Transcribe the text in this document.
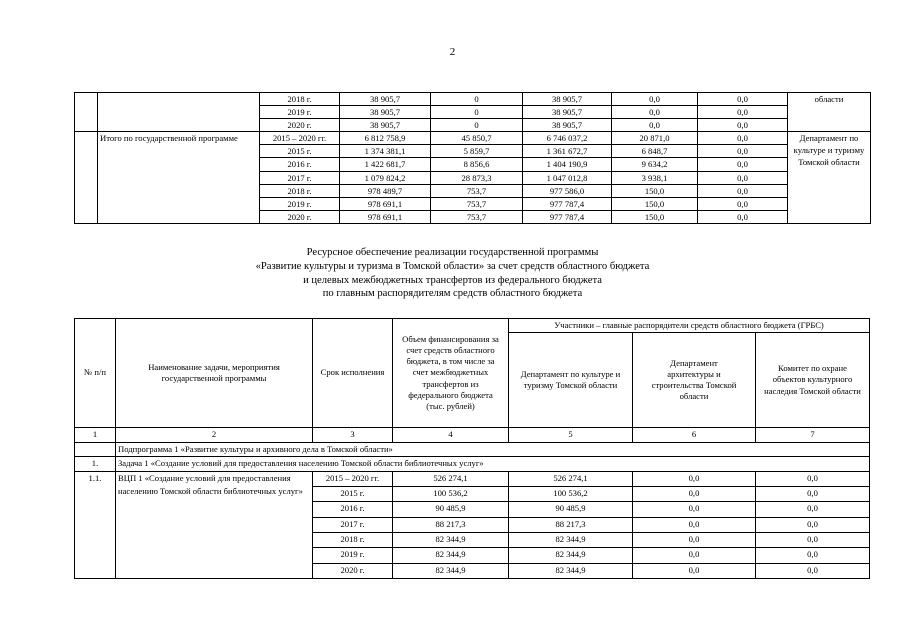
2
		2018 г.	38 905,7	0	38 905,7	0,0	0,0	области
		2019 г.	38 905,7	0	38 905,7	0,0	0,0	
		2020 г.	38 905,7	0	38 905,7	0,0	0,0	
	Итого по государственной программе	2015 – 2020 гг.	6 812 758,9	45 850,7	6 746 037,2	20 871,0	0,0	Департамент по культуре и туризму Томской области
		2015 г.	1 374 381,1	5 859,7	1 361 672,7	6 848,7	0,0	
		2016 г.	1 422 681,7	8 856,6	1 404 190,9	9 634,2	0,0	
		2017 г.	1 079 824,2	28 873,3	1 047 012,8	3 938,1	0,0	
		2018 г.	978 489,7	753,7	977 586,0	150,0	0,0	
		2019 г.	978 691,1	753,7	977 787,4	150,0	0,0	
		2020 г.	978 691,1	753,7	977 787,4	150,0	0,0	
Ресурсное обеспечение реализации государственной программы
«Развитие культуры и туризма в Томской области» за счет средств областного бюджета
и целевых межбюджетных трансфертов из федерального бюджета
по главным распорядителям средств областного бюджета
№ п/п	Наименование задачи, мероприятия государственной программы	Срок исполнения	Объем финансирования за счет средств областного бюджета, в том числе за счет межбюджетных трансфертов из федерального бюджета (тыс. рублей)	Участники – главные распорядители средств областного бюджета (ГРБС)		
				Департамент по культуре и туризму Томской области	Департамент архитектуры и строительства Томской области	Комитет по охране объектов культурного наследия Томской области
1	2	3	4	5	6	7
	Подпрограмма 1 «Развитие культуры и архивного дела в Томской области»					
1.	Задача 1 «Создание условий для предоставления населению Томской области библиотечных услуг»					
1.1.	ВЦП 1 «Создание условий для предоставления населению Томской области библиотечных услуг»	2015 – 2020 гг.	526 274,1	526 274,1	0,0	0,0
		2015 г.	100 536,2	100 536,2	0,0	0,0
		2016 г.	90 485,9	90 485,9	0,0	0,0
		2017 г.	88 217,3	88 217,3	0,0	0,0
		2018 г.	82 344,9	82 344,9	0,0	0,0
		2019 г.	82 344,9	82 344,9	0,0	0,0
		2020 г.	82 344,9	82 344,9	0,0	0,0
